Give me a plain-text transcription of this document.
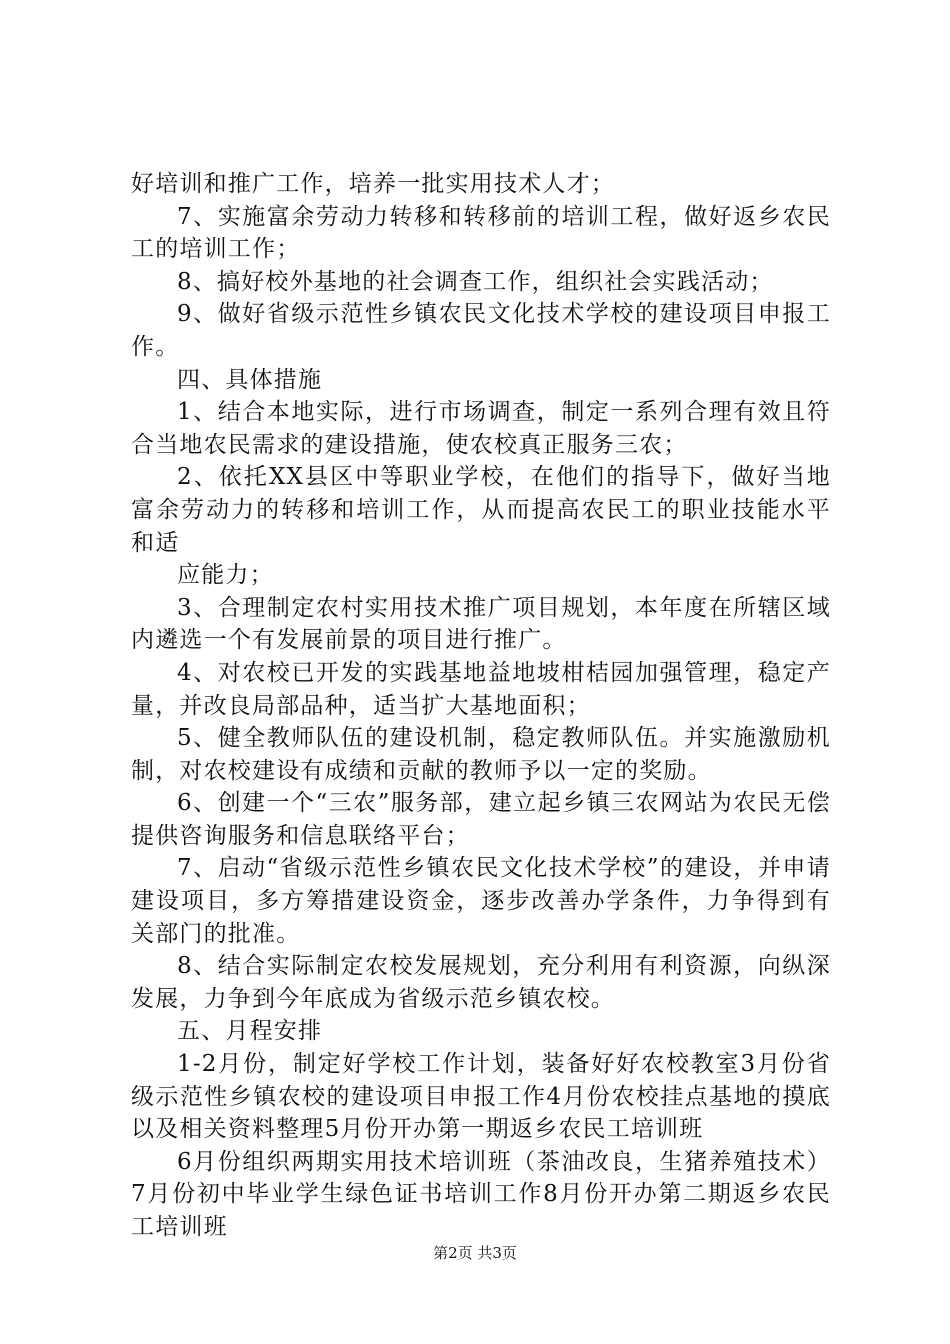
好培训和推广工作，培养一批实用技术人才；

7、实施富余劳动力转移和转移前的培训工程，做好返乡农民工的培训工作；

8、搞好校外基地的社会调查工作，组织社会实践活动；

9、做好省级示范性乡镇农民文化技术学校的建设项目申报工作。

四、具体措施

1、结合本地实际，进行市场调查，制定一系列合理有效且符合当地农民需求的建设措施，使农校真正服务三农；

2、依托XX县区中等职业学校，在他们的指导下，做好当地富余劳动力的转移和培训工作，从而提高农民工的职业技能水平和适

应能力；

3、合理制定农村实用技术推广项目规划，本年度在所辖区域内遴选一个有发展前景的项目进行推广。

4、对农校已开发的实践基地益地坡柑桔园加强管理，稳定产量，并改良局部品种，适当扩大基地面积；

5、健全教师队伍的建设机制，稳定教师队伍。并实施激励机制，对农校建设有成绩和贡献的教师予以一定的奖励。

6、创建一个“三农”服务部，建立起乡镇三农网站为农民无偿提供咨询服务和信息联络平台；

7、启动“省级示范性乡镇农民文化技术学校”的建设，并申请建设项目，多方筹措建设资金，逐步改善办学条件，力争得到有关部门的批准。

8、结合实际制定农校发展规划，充分利用有利资源，向纵深发展，力争到今年底成为省级示范乡镇农校。

五、月程安排

1-2月份，制定好学校工作计划，装备好好农校教室3月份省级示范性乡镇农校的建设项目申报工作4月份农校挂点基地的摸底以及相关资料整理5月份开办第一期返乡农民工培训班

6月份组织两期实用技术培训班（茶油改良，生猪养殖技术）7月份初中毕业学生绿色证书培训工作8月份开办第二期返乡农民工培训班

第2页 共3页
